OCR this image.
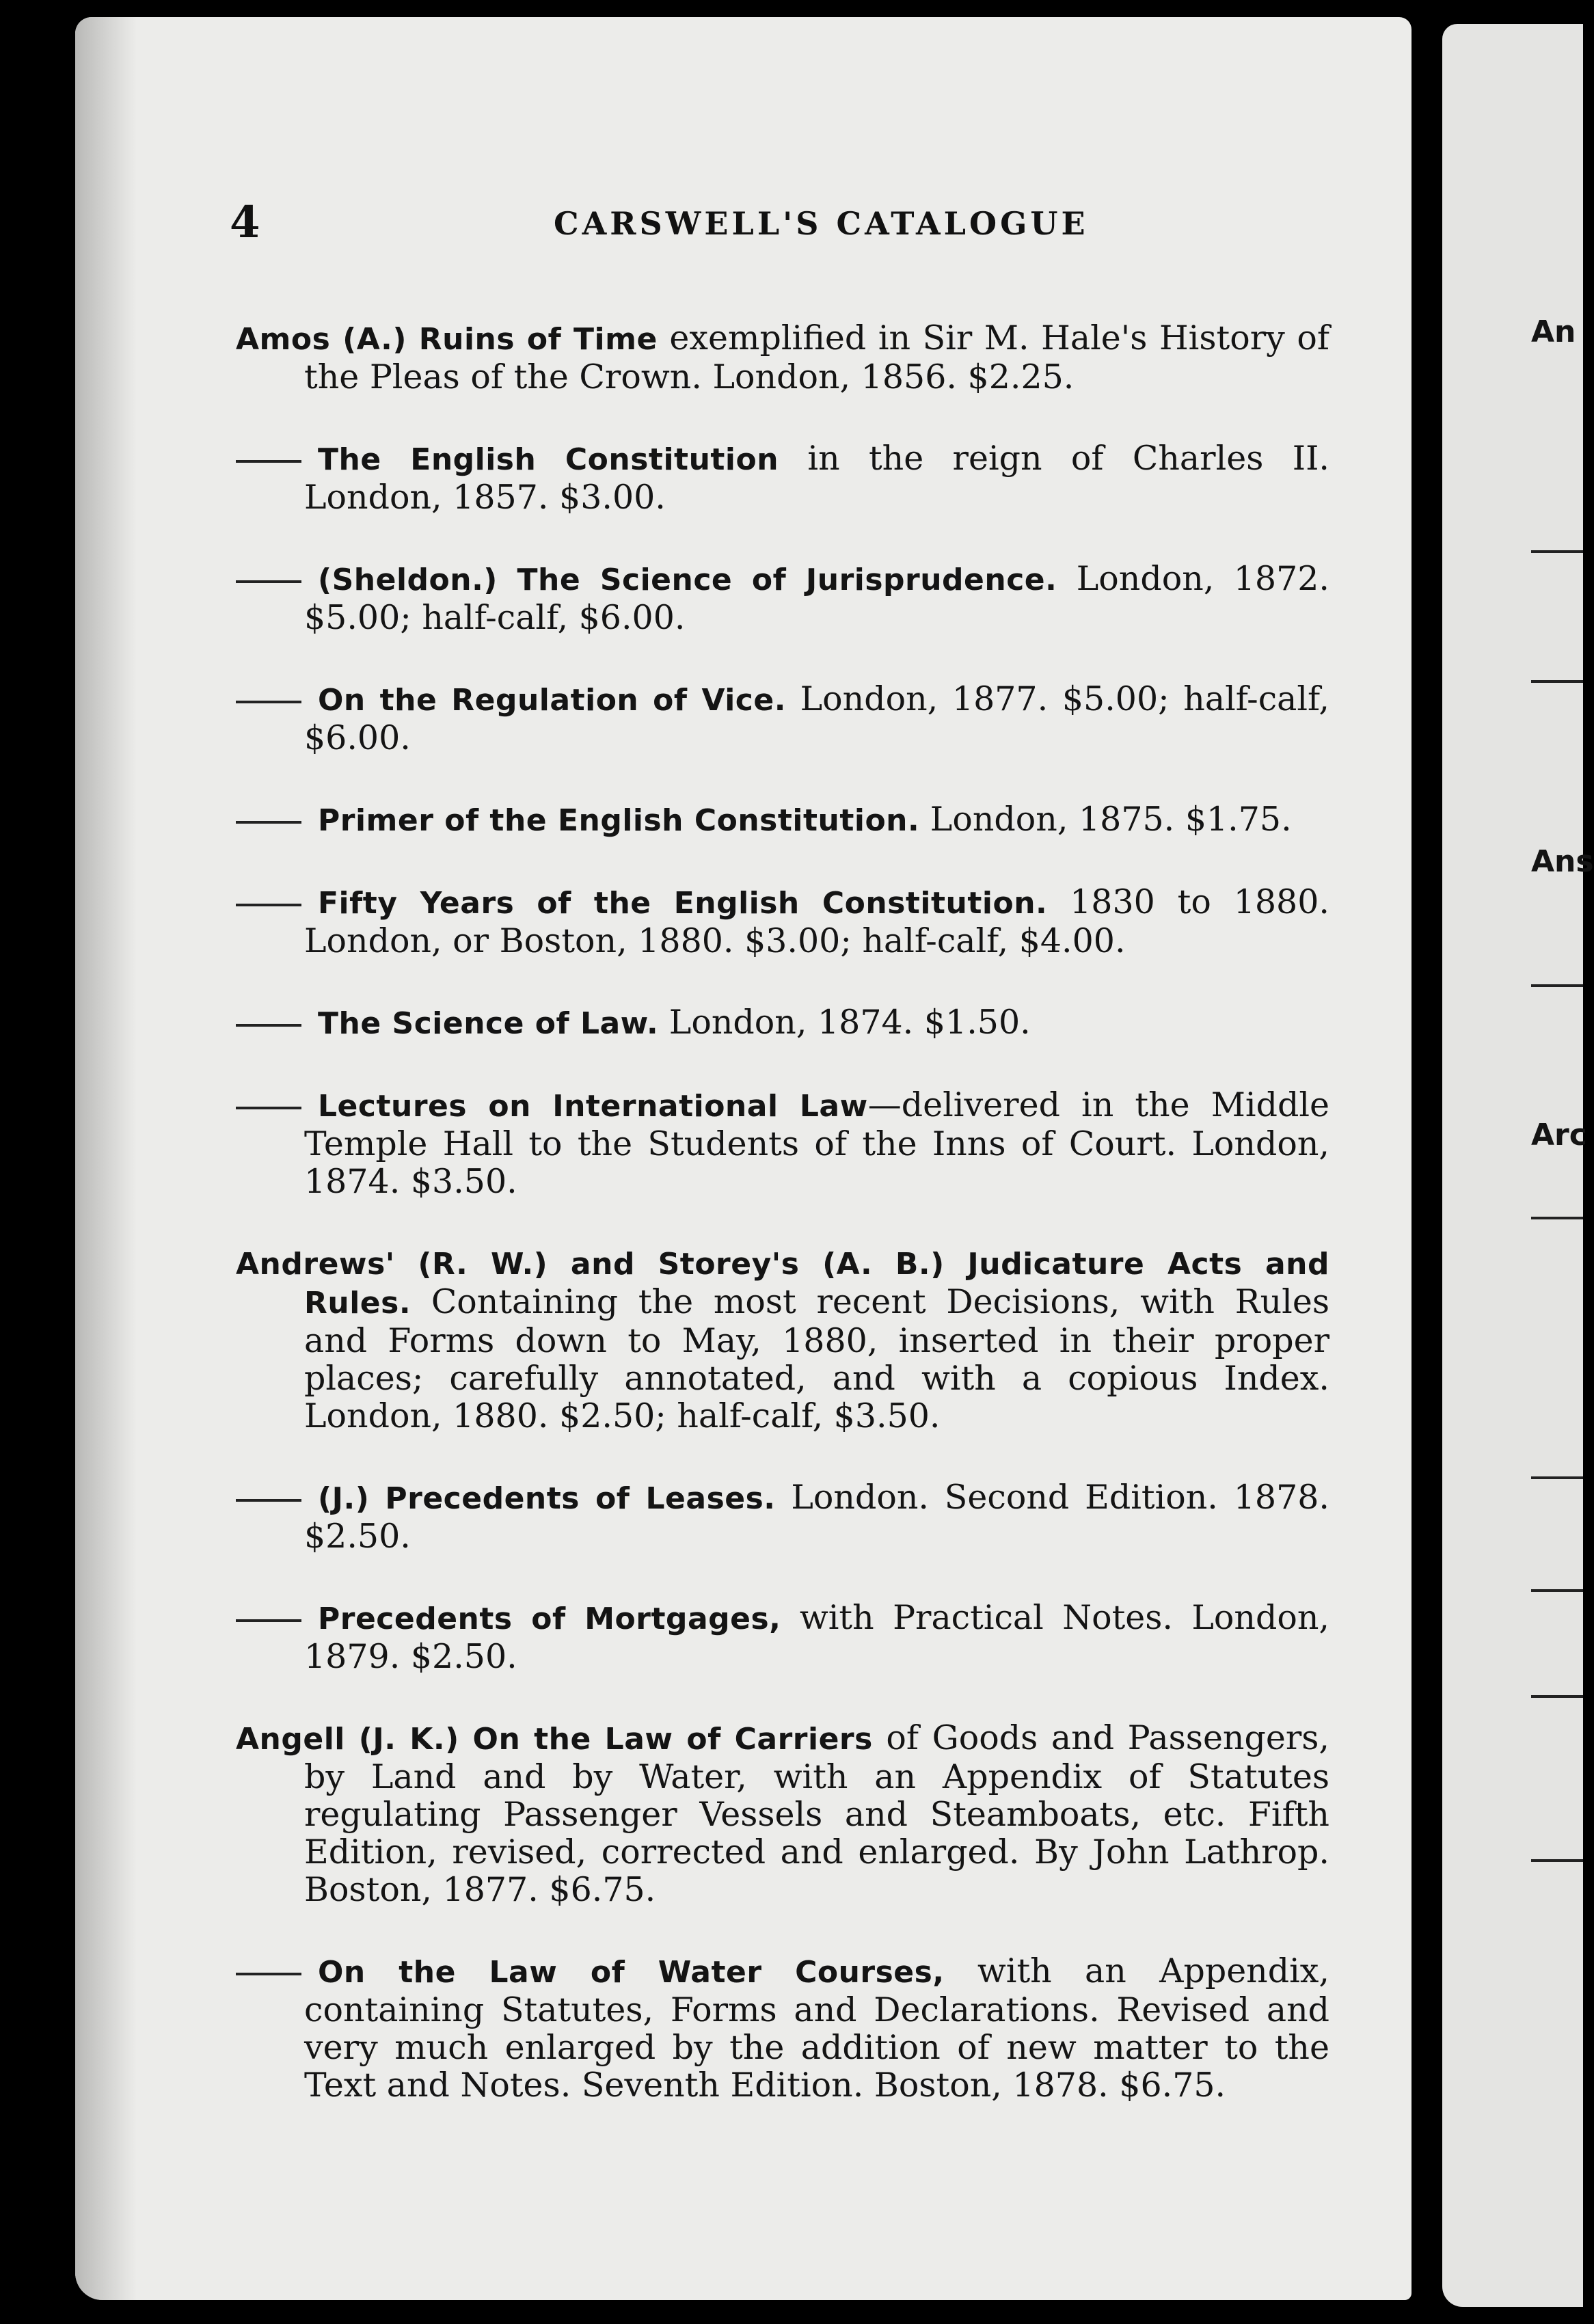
An
Ans
Arc
4	CARSWELL'S CATALOGUE

Amos (A.) Ruins of Time exemplified in Sir M. Hale's History of the Pleas of the Crown. London, 1856. $2.25.

The English Constitution in the reign of Charles II. London, 1857. $3.00.

(Sheldon.) The Science of Jurisprudence. London, 1872. $5.00; half-calf, $6.00.

On the Regulation of Vice. London, 1877. $5.00; half-calf, $6.00.

Primer of the English Constitution. London, 1875. $1.75.

Fifty Years of the English Constitution. 1830 to 1880. London, or Boston, 1880. $3.00; half-calf, $4.00.

The Science of Law. London, 1874. $1.50.

Lectures on International Law—delivered in the Middle Temple Hall to the Students of the Inns of Court. London, 1874. $3.50.

Andrews' (R. W.) and Storey's (A. B.) Judicature Acts and Rules. Containing the most recent Decisions, with Rules and Forms down to May, 1880, inserted in their proper places; carefully annotated, and with a copious Index. London, 1880. $2.50; half-calf, $3.50.

(J.) Precedents of Leases. London. Second Edition. 1878. $2.50.

Precedents of Mortgages, with Practical Notes. London, 1879. $2.50.

Angell (J. K.) On the Law of Carriers of Goods and Passengers, by Land and by Water, with an Appendix of Statutes regulating Passenger Vessels and Steamboats, etc. Fifth Edition, revised, corrected and enlarged. By John Lathrop. Boston, 1877. $6.75.

On the Law of Water Courses, with an Appendix, containing Statutes, Forms and Declarations. Revised and very much enlarged by the addition of new matter to the Text and Notes. Seventh Edition. Boston, 1878. $6.75.
